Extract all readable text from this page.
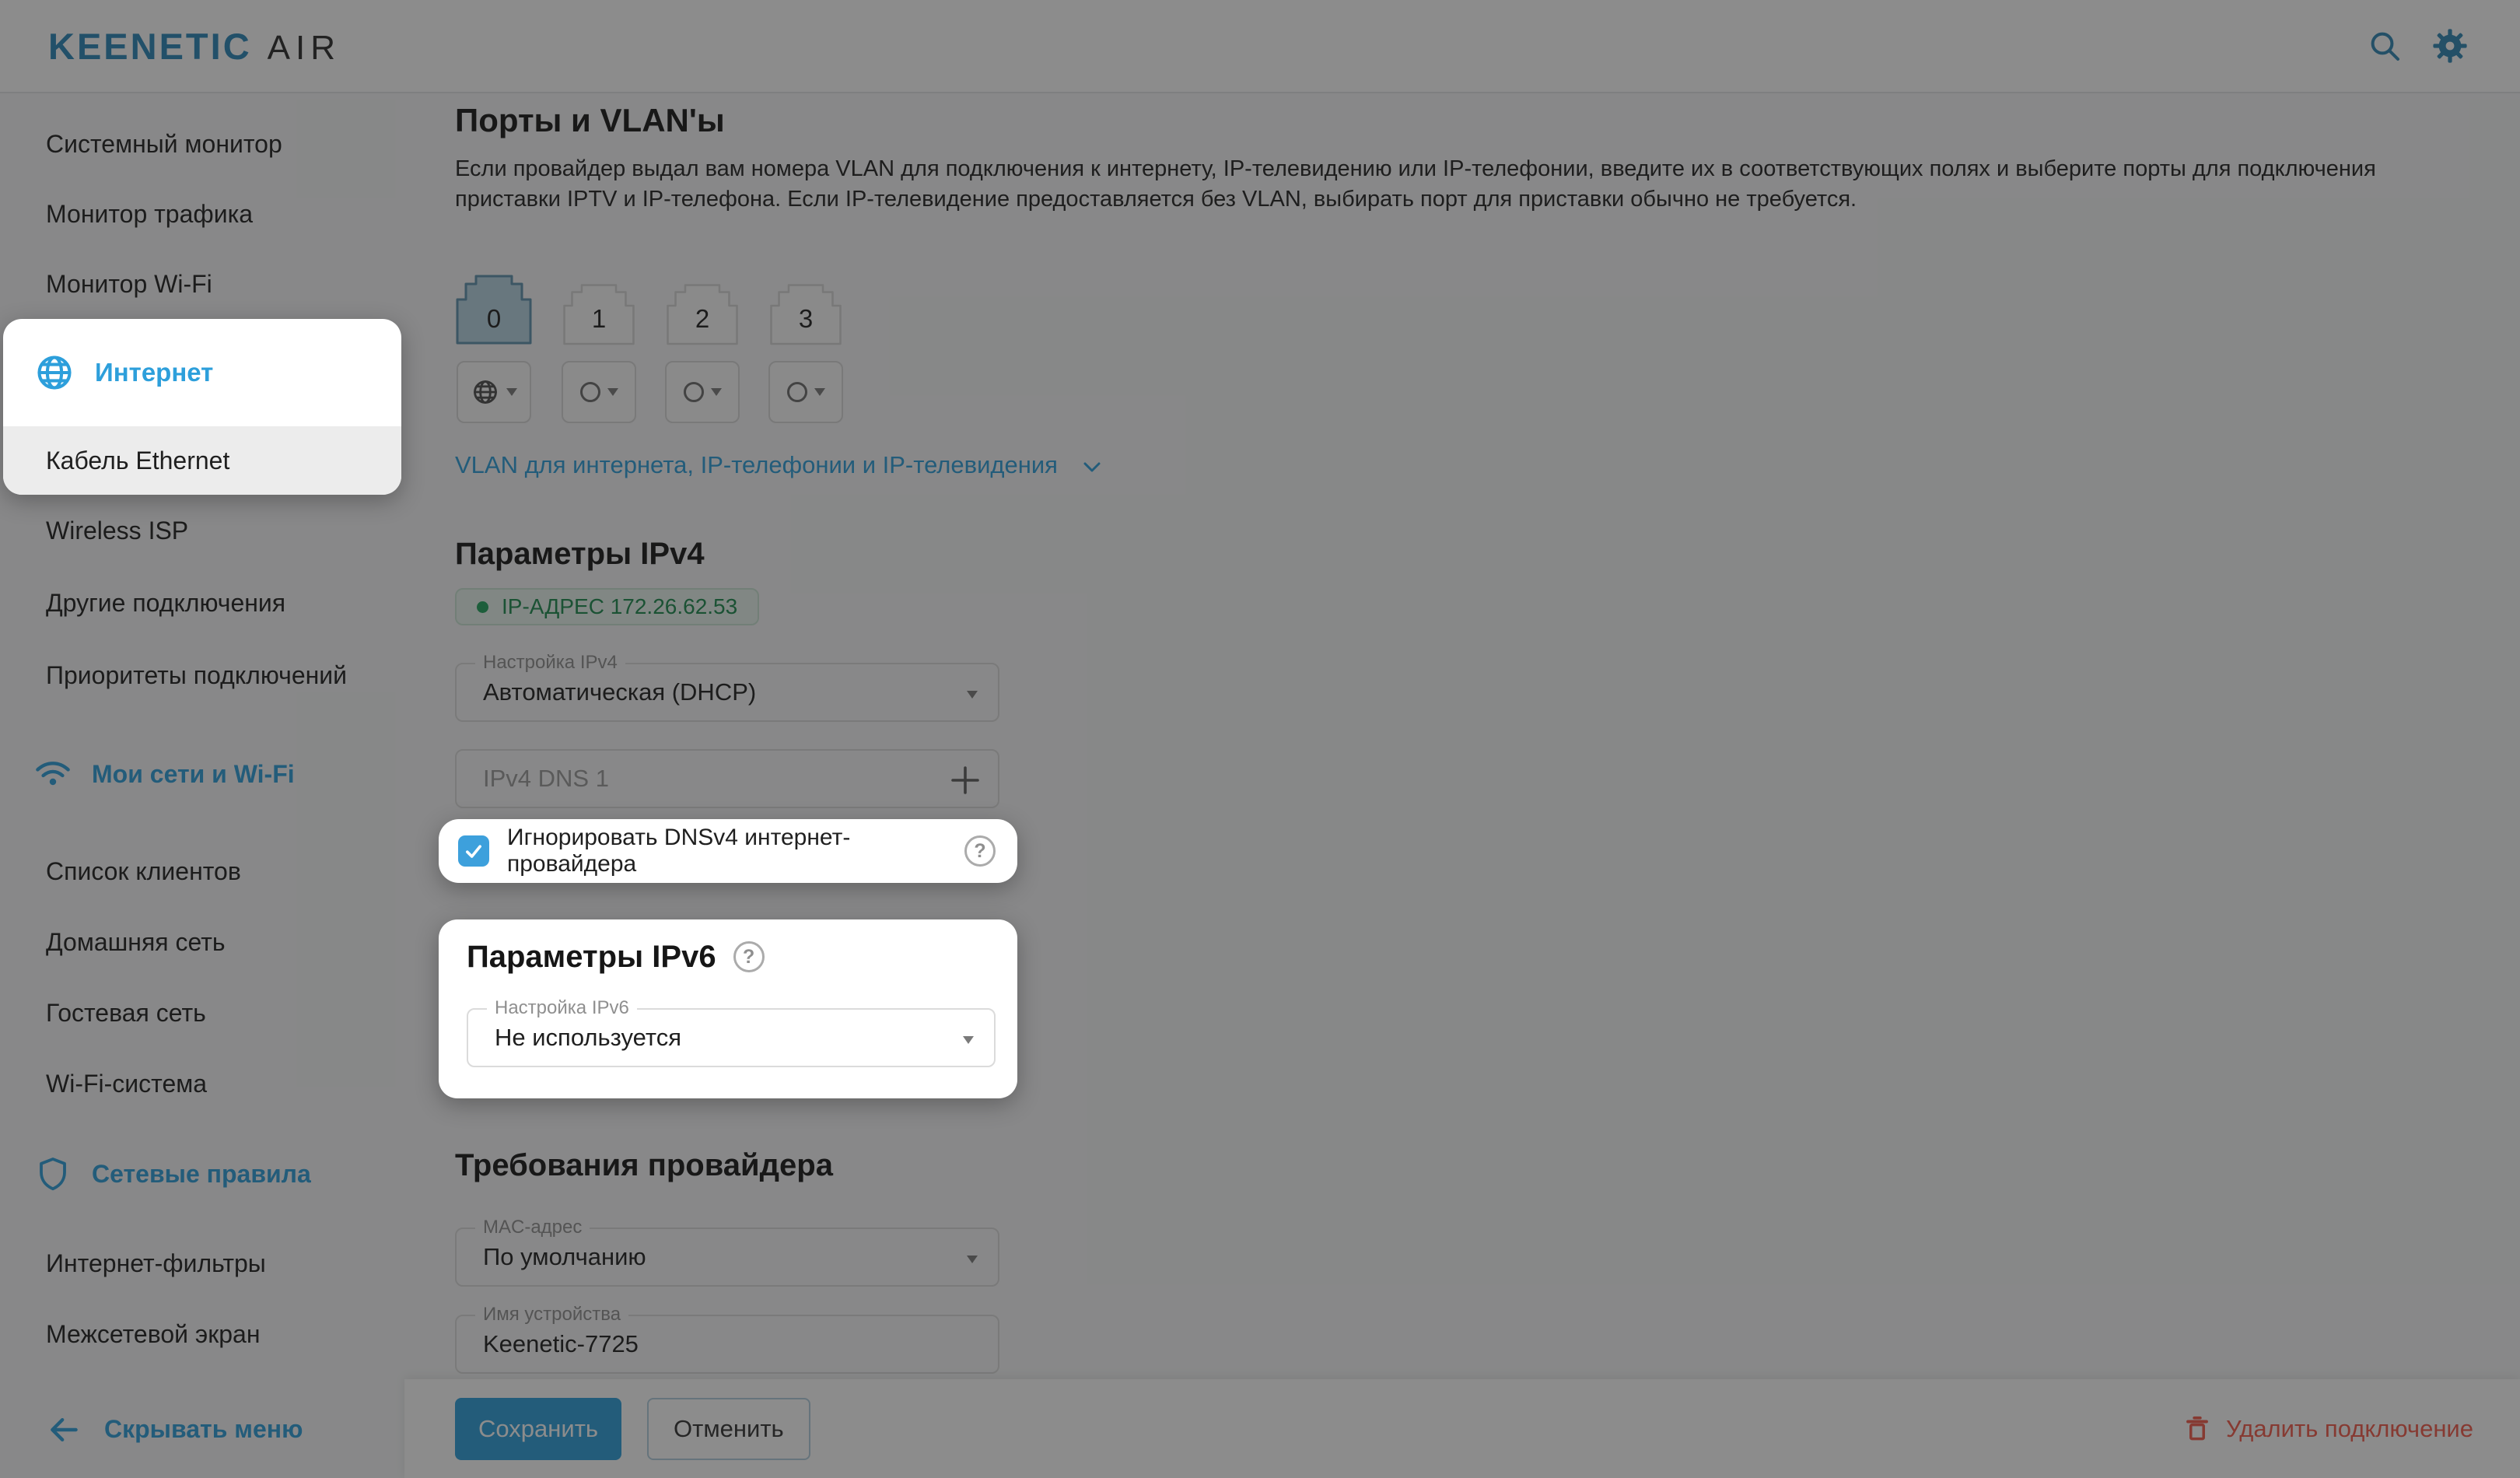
Интернет
Кабель Ethernet
IPv4 DNS 1
Игнорировать DNSv4 интернет-провайдера
?
Параметры IPv6 ?
Настройка IPv6
Не используется
Keenetic-7725
